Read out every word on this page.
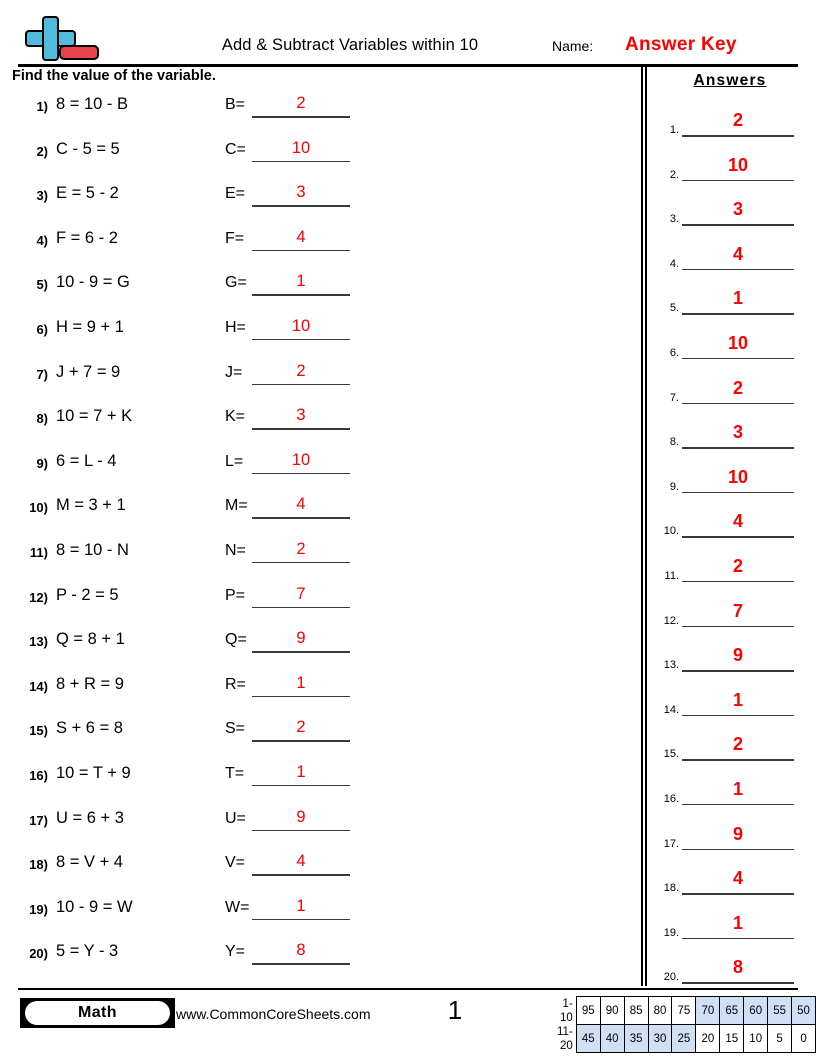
Add & Subtract Variables within 10	Name: Answer Key
Find the value of the variable.
1) 8 = 10 - B	B=	2
2) C - 5 = 5	C=	10
3) E = 5 - 2	E=	3
4) F = 6 - 2	F=	4
5) 10 - 9 = G	G=	1
6) H = 9 + 1	H=	10
7) J + 7 = 9	J=	2
8) 10 = 7 + K	K=	3
9) 6 = L - 4	L=	10
10) M = 3 + 1	M=	4
11) 8 = 10 - N	N=	2
12) P - 2 = 5	P=	7
13) Q = 8 + 1	Q=	9
14) 8 + R = 9	R=	1
15) S + 6 = 8	S=	2
16) 10 = T + 9	T=	1
17) U = 6 + 3	U=	9
18) 8 = V + 4	V=	4
19) 10 - 9 = W	W=	1
20) 5 = Y - 3	Y=	8
Answers
1.	2
2.	10
3.	3
4.	4
5.	1
6.	10
7.	2
8.	3
9.	10
10.	4
11.	2
12.	7
13.	9
14.	1
15.	2
16.	1
17.	9
18.	4
19.	1
20.	8
Math	www.CommonCoreSheets.com	1	1-10	95	90	85	80	75	70	65	60	55	50
11-20	45	40	35	30	25	20	15	10	5	0
